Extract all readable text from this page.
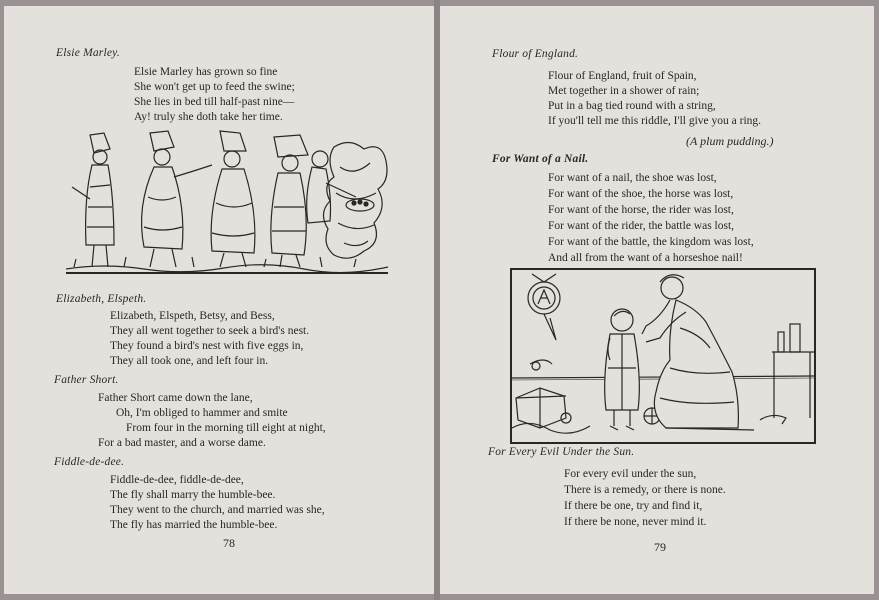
Elsie Marley.
Elsie Marley has grown so fine
She won't get up to feed the swine;
She lies in bed till half-past nine—
Ay! truly she doth take her time.
Elizabeth, Elspeth.
Elizabeth, Elspeth, Betsy, and Bess,
They all went together to seek a bird's nest.
They found a bird's nest with five eggs in,
They all took one, and left four in.
Father Short.
Father Short came down the lane,
Oh, I'm obliged to hammer and smite
From four in the morning till eight at night,
For a bad master, and a worse dame.
Fiddle-de-dee.
Fiddle-de-dee, fiddle-de-dee,
The fly shall marry the humble-bee.
They went to the church, and married was she,
The fly has married the humble-bee.
78
Flour of England.
Flour of England, fruit of Spain,
Met together in a shower of rain;
Put in a bag tied round with a string,
If you'll tell me this riddle, I'll give you a ring.
(A plum pudding.)
For Want of a Nail.
For want of a nail, the shoe was lost,
For want of the shoe, the horse was lost,
For want of the horse, the rider was lost,
For want of the rider, the battle was lost,
For want of the battle, the kingdom was lost,
And all from the want of a horseshoe nail!
For Every Evil Under the Sun.
For every evil under the sun,
There is a remedy, or there is none.
If there be one, try and find it,
If there be none, never mind it.
79
